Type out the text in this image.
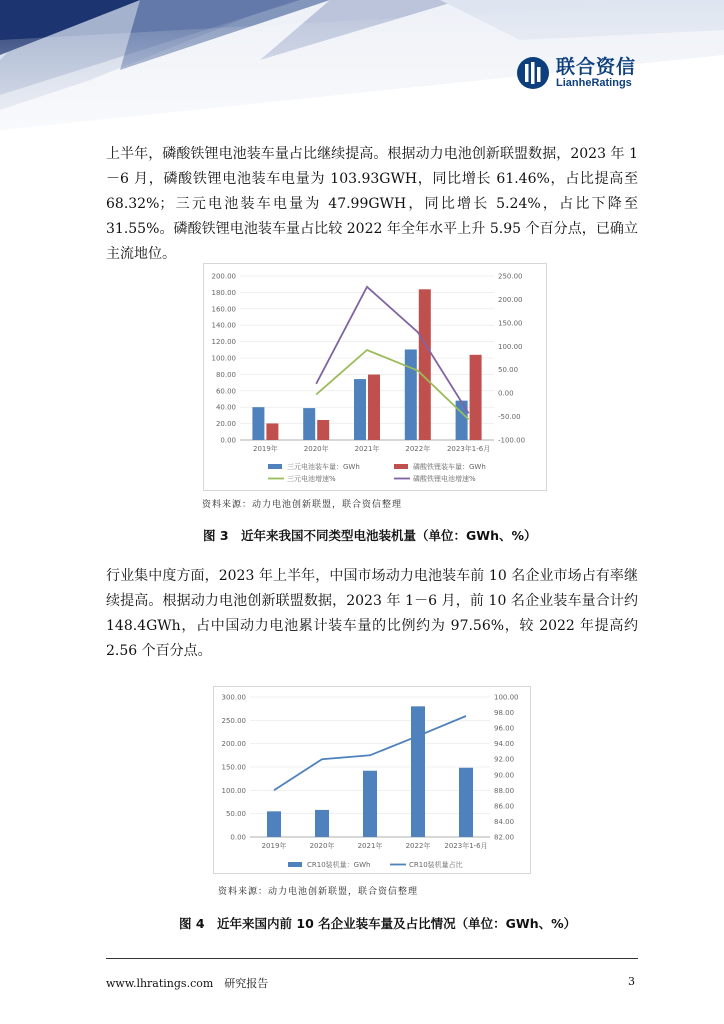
联合资信
LianheRatings

上半年，磷酸铁锂电池装车量占比继续提高。根据动力电池创新联盟数据，2023 年 1－6 月，磷酸铁锂电池装车电量为 103.93GWH，同比增长 61.46%，占比提高至 68.32%；三元电池装车电量为 47.99GWH，同比增长 5.24%，占比下降至 31.55%。磷酸铁锂电池装车量占比较 2022 年全年水平上升 5.95 个百分点，已确立主流地位。

0.00
20.00
40.00
60.00
80.00
100.00
120.00
140.00
160.00
180.00
200.00
-100.00
-50.00
0.00
50.00
100.00
150.00
200.00
250.00
2019年	2020年	2021年	2022年 2023年1-6月
三元电池装车量：GWh	磷酸铁锂装车量：GWh
三元电池增速%	磷酸铁锂电池增速%
资料来源：动力电池创新联盟，联合资信整理
图 3　近年来我国不同类型电池装机量（单位：GWh、%）

行业集中度方面，2023 年上半年，中国市场动力电池装车前 10 名企业市场占有率继续提高。根据动力电池创新联盟数据，2023 年 1－6 月，前 10 名企业装车量合计约 148.4GWh，占中国动力电池累计装车量的比例约为 97.56%，较 2022 年提高约 2.56 个百分点。

0.00
50.00
100.00
150.00
200.00
250.00
300.00
82.00
84.00
86.00
88.00
90.00
92.00
94.00
96.00
98.00
100.00
2019年	2020年	2021年	2022年 2023年1-6月
CR10装机量：GWh	CR10装机量占比
资料来源：动力电池创新联盟，联合资信整理
图 4　近年来国内前 10 名企业装车量及占比情况（单位：GWh、%）
www.lhratings.com　研究报告	3
